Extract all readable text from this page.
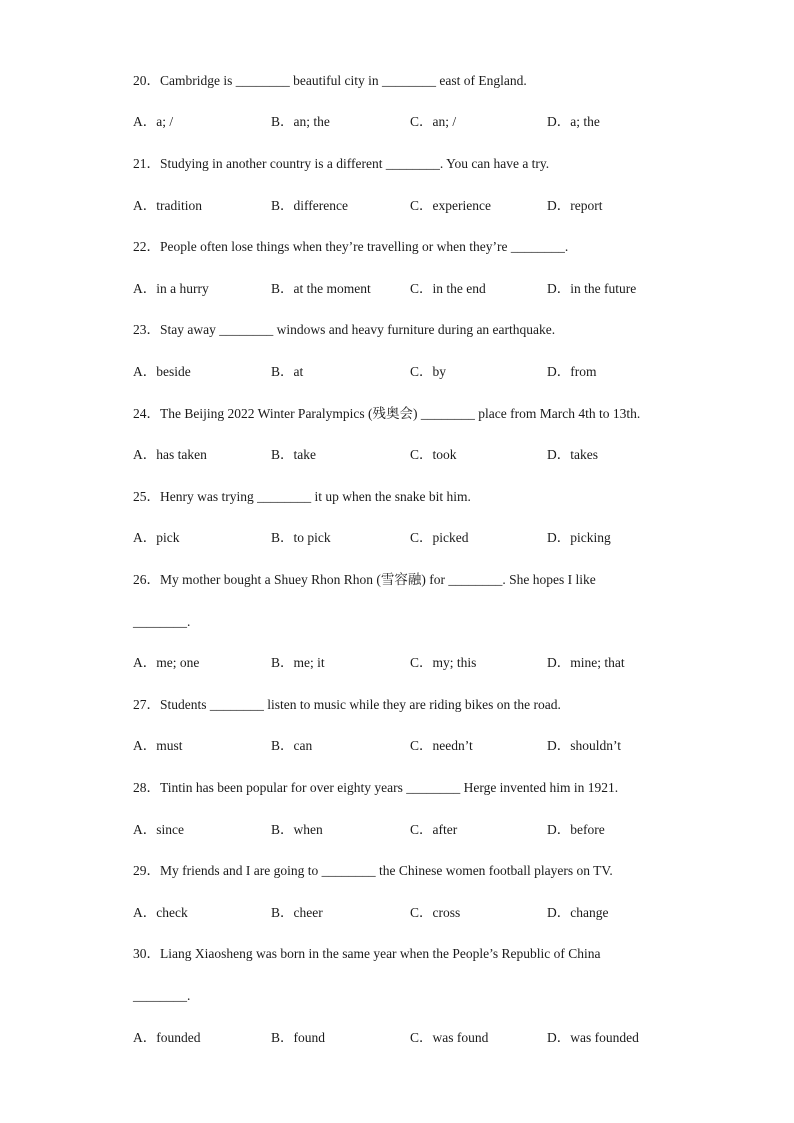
20．Cambridge is ________ beautiful city in ________ east of England.
A．a; /	B．an; the	C．an; /	D．a; the
21．Studying in another country is a different ________. You can have a try.
A．tradition	B．difference	C．experience	D．report
22．People often lose things when they’re travelling or when they’re ________.
A．in a hurry	B．at the moment	C．in the end	D．in the future
23．Stay away ________ windows and heavy furniture during an earthquake.
A．beside	B．at	C．by	D．from
24．The Beijing 2022 Winter Paralympics (残奥会) ________ place from March 4th to 13th.
A．has taken	B．take	C．took	D．takes
25．Henry was trying ________ it up when the snake bit him.
A．pick	B．to pick	C．picked	D．picking
26．My mother bought a Shuey Rhon Rhon (雪容融) for ________. She hopes I like
________.
A．me; one	B．me; it	C．my; this	D．mine; that
27．Students ________ listen to music while they are riding bikes on the road.
A．must	B．can	C．needn’t	D．shouldn’t
28．Tintin has been popular for over eighty years ________ Herge invented him in 1921.
A．since	B．when	C．after	D．before
29．My friends and I are going to ________ the Chinese women football players on TV.
A．check	B．cheer	C．cross	D．change
30．Liang Xiaosheng was born in the same year when the People’s Republic of China
________.
A．founded	B．found	C．was found	D．was founded
